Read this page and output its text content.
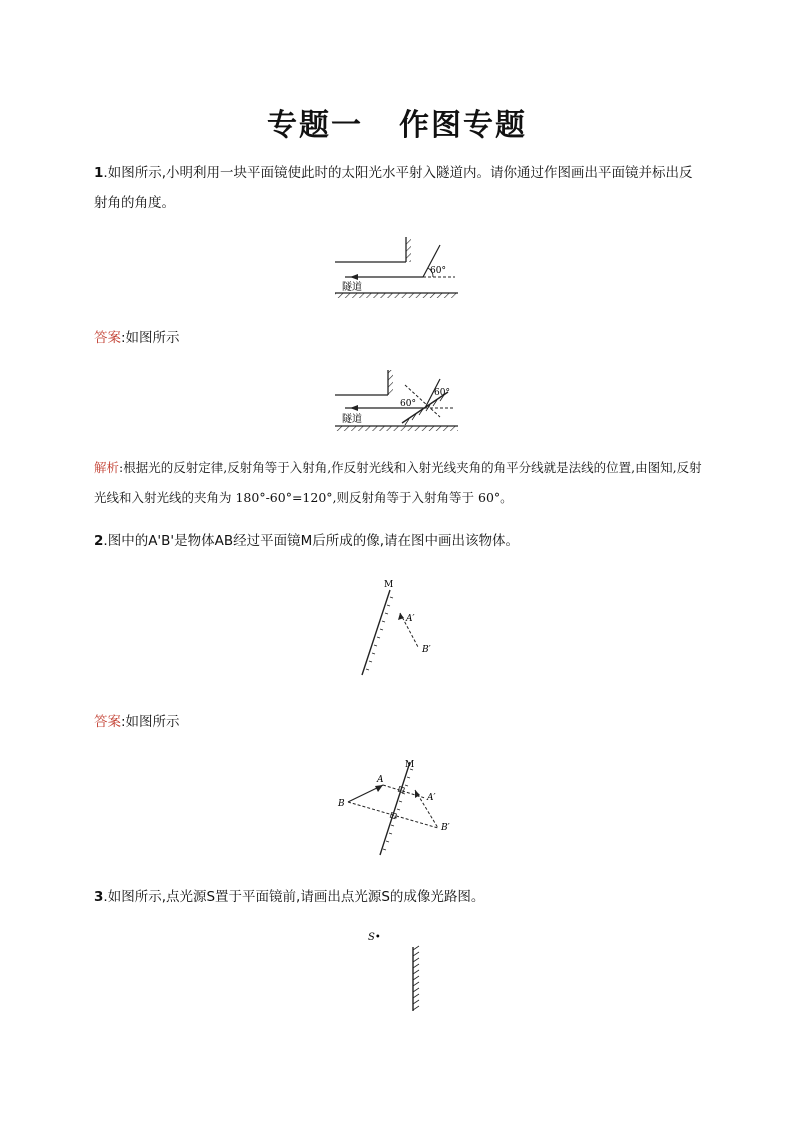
专题一 作图专题
1.如图所示,小明利用一块平面镜使此时的太阳光水平射入隧道内。请你通过作图画出平面镜并标出反射角的角度。
60°
隧道
答案:如图所示
60°
60°
隧道
解析:根据光的反射定律,反射角等于入射角,作反射光线和入射光线夹角的角平分线就是法线的位置,由图知,反射光线和入射光线的夹角为 180°-60°=120°,则反射角等于入射角等于 60°。
2.图中的A'B'是物体AB经过平面镜M后所成的像,请在图中画出该物体。
M
A′
B′
答案:如图所示
M
A
B
A′
B′
3.如图所示,点光源S置于平面镜前,请画出点光源S的成像光路图。
S•
